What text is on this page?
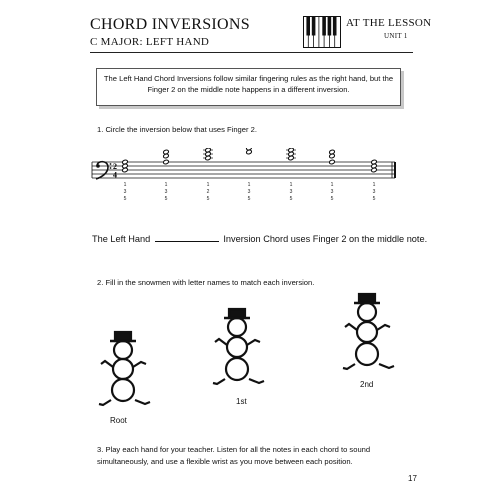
CHORD INVERSIONS
C MAJOR: LEFT HAND
AT THE LESSON
UNIT 1
The Left Hand Chord Inversions follow similar fingering rules as the right hand, but the Finger 2 on the middle note happens in a different inversion.
1. Circle the inversion below that uses Finger 2.
2
4
1
3
5
1
3
5
1
2
5
1
3
5
1
3
5
1
3
5
1
3
5
The Left Hand	Inversion Chord uses Finger 2 on the middle note.
2. Fill in the snowmen with letter names to match each inversion.
Root
1st
2nd
3. Play each hand for your teacher. Listen for all the notes in each chord to sound simultaneously, and use a flexible wrist as you move between each position.
17
